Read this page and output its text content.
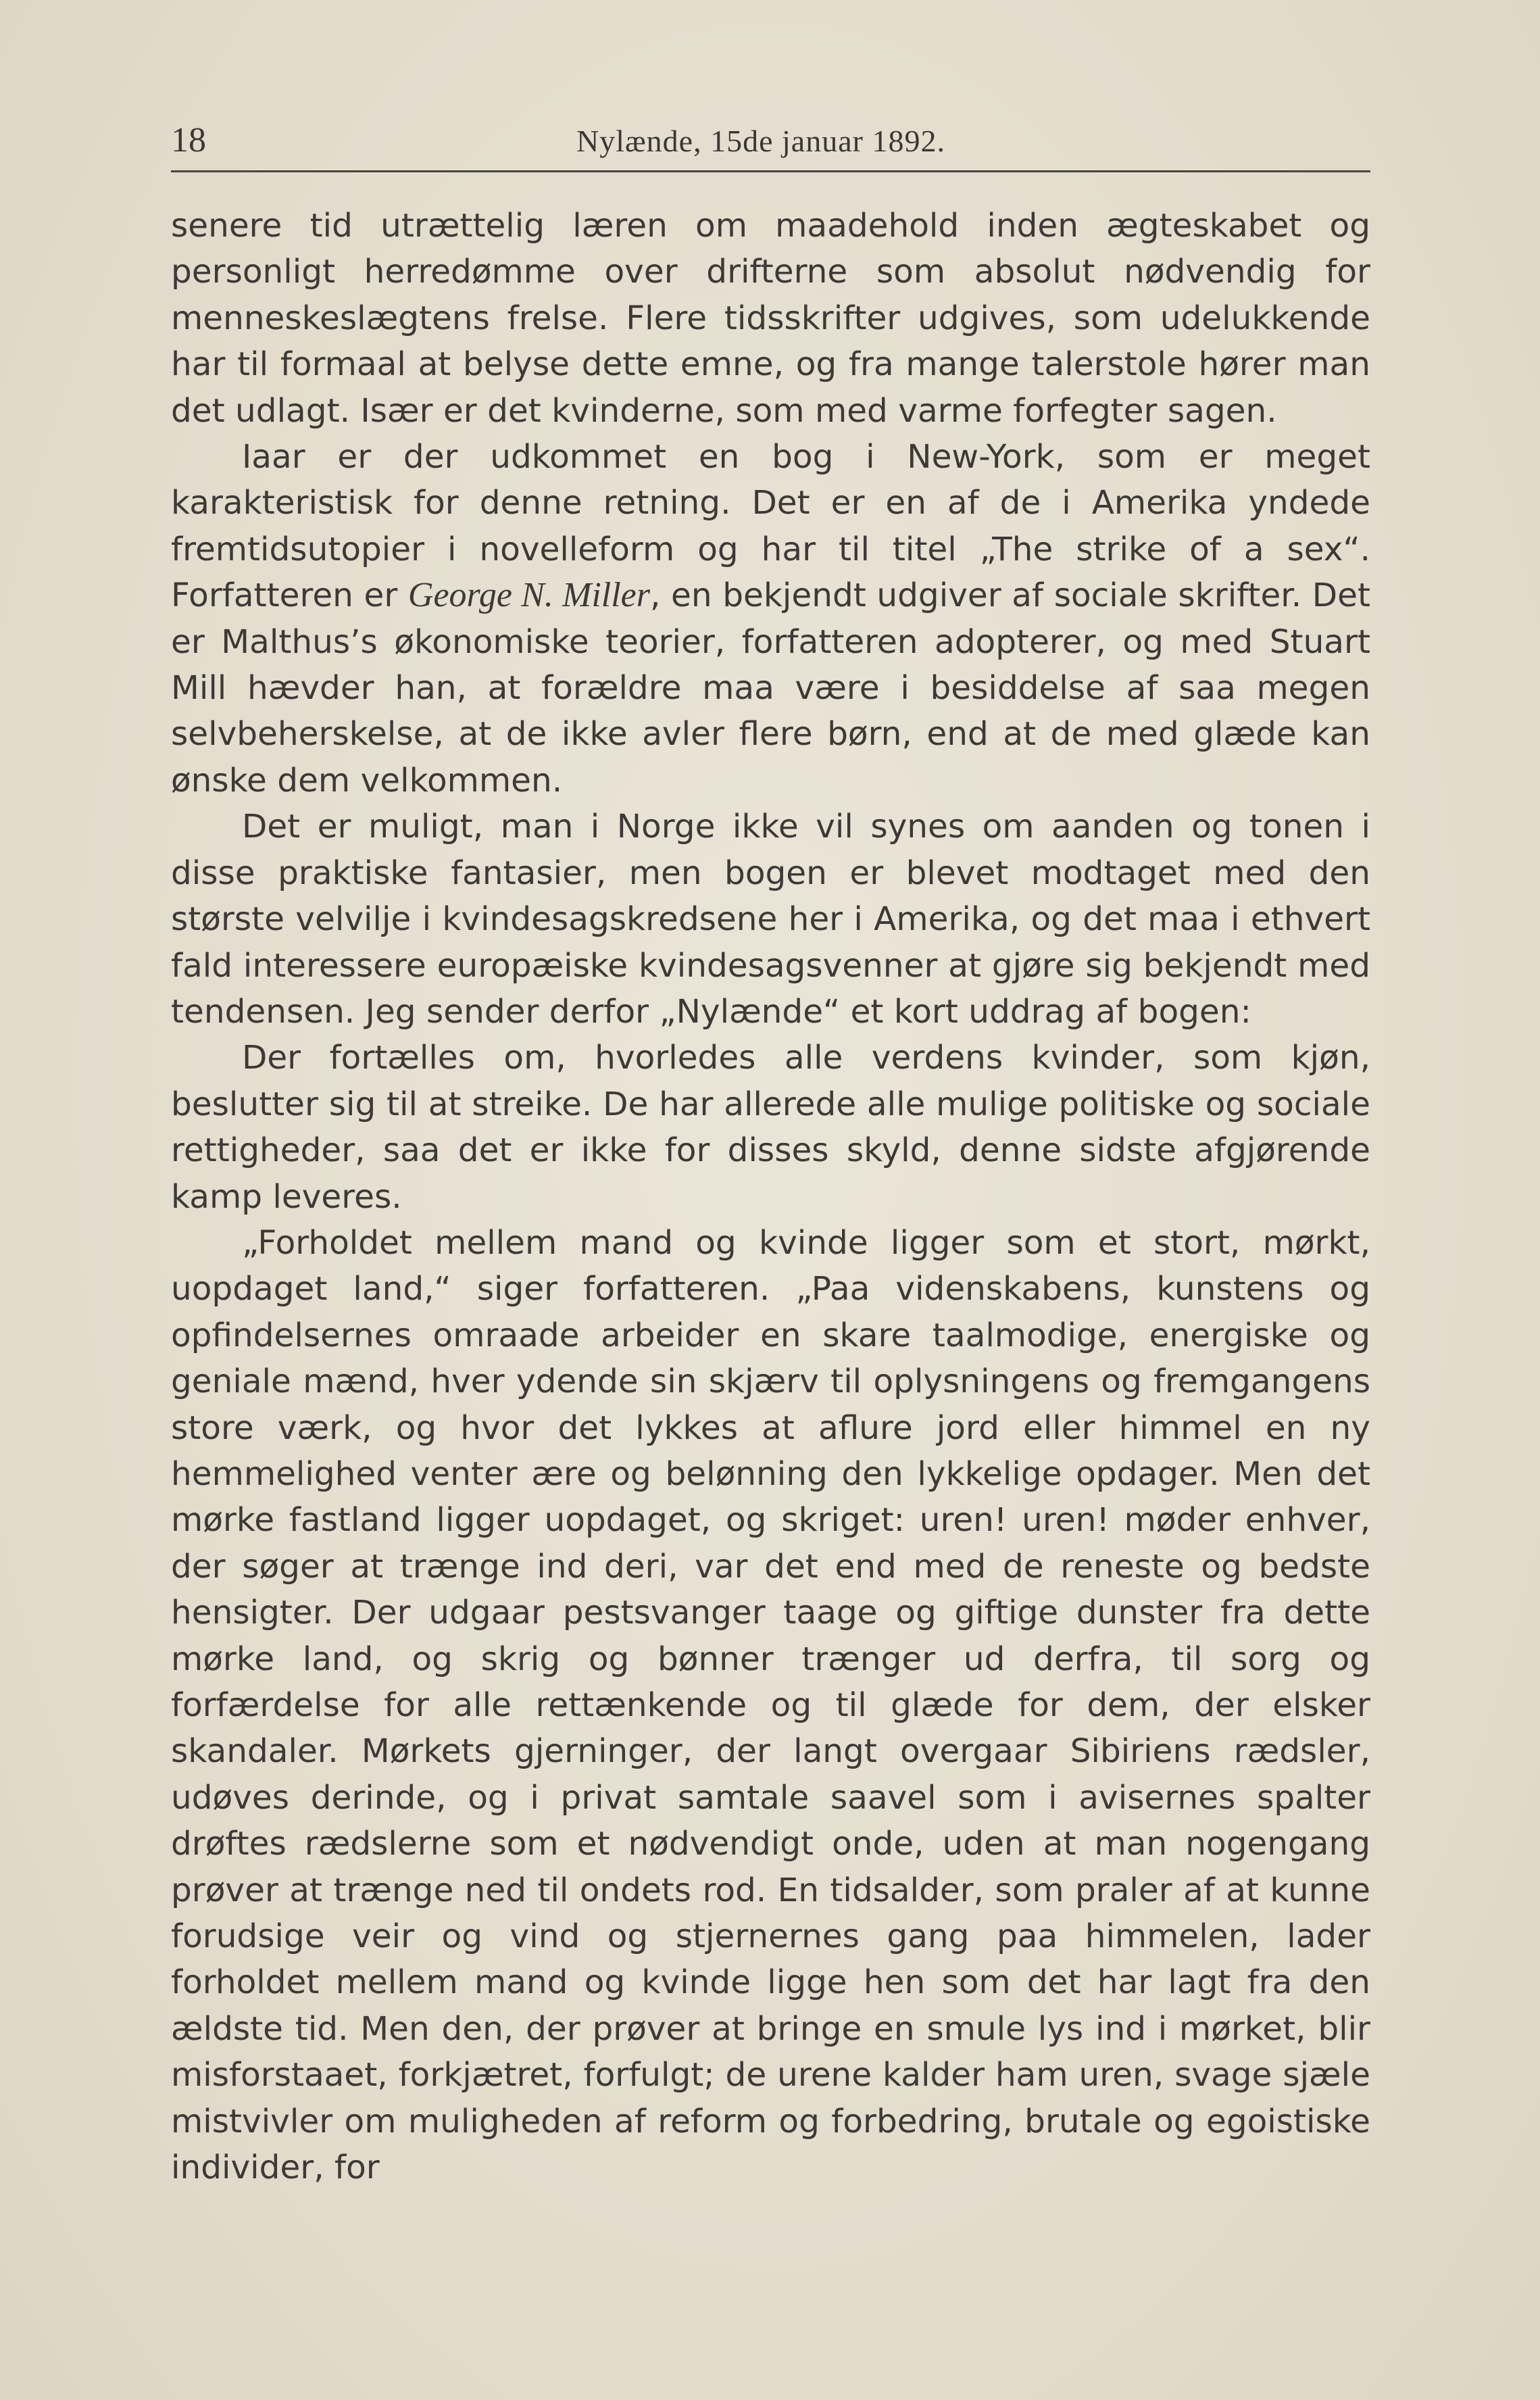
18	Nylænde, 15de januar 1892.

senere tid utrættelig læren om maadehold inden ægteskabet og personligt herredømme over drifterne som absolut nødvendig for menneskeslægtens frelse. Flere tidsskrifter udgives, som udelukkende har til formaal at belyse dette emne, og fra mange talerstole hører man det udlagt. Især er det kvinderne, som med varme forfegter sagen.

Iaar er der udkommet en bog i New-York, som er meget karakteristisk for denne retning. Det er en af de i Amerika yndede fremtidsutopier i novelleform og har til titel „The strike of a sex“. Forfatteren er George N. Miller, en bekjendt udgiver af sociale skrifter. Det er Malthus’s økonomiske teorier, forfatteren adopterer, og med Stuart Mill hævder han, at forældre maa være i besiddelse af saa megen selvbeherskelse, at de ikke avler flere børn, end at de med glæde kan ønske dem velkommen.

Det er muligt, man i Norge ikke vil synes om aanden og tonen i disse praktiske fantasier, men bogen er blevet modtaget med den største velvilje i kvindesagskredsene her i Amerika, og det maa i ethvert fald interessere europæiske kvindesagsvenner at gjøre sig bekjendt med tendensen. Jeg sender derfor „Nylænde“ et kort uddrag af bogen:

Der fortælles om, hvorledes alle verdens kvinder, som kjøn, beslutter sig til at streike. De har allerede alle mulige politiske og sociale rettigheder, saa det er ikke for disses skyld, denne sidste afgjørende kamp leveres.

„Forholdet mellem mand og kvinde ligger som et stort, mørkt, uopdaget land,“ siger forfatteren. „Paa videnskabens, kunstens og opfindelsernes omraade arbeider en skare taalmodige, energiske og geniale mænd, hver ydende sin skjærv til oplysningens og fremgangens store værk, og hvor det lykkes at aflure jord eller himmel en ny hemmelighed venter ære og belønning den lykkelige opdager. Men det mørke fastland ligger uopdaget, og skriget: uren! uren! møder enhver, der søger at trænge ind deri, var det end med de reneste og bedste hensigter. Der udgaar pestsvanger taage og giftige dunster fra dette mørke land, og skrig og bønner trænger ud derfra, til sorg og forfærdelse for alle rettænkende og til glæde for dem, der elsker skandaler. Mørkets gjerninger, der langt overgaar Sibiriens rædsler, udøves derinde, og i privat samtale saavel som i avisernes spalter drøftes rædslerne som et nødvendigt onde, uden at man nogengang prøver at trænge ned til ondets rod. En tidsalder, som praler af at kunne forudsige veir og vind og stjernernes gang paa himmelen, lader forholdet mellem mand og kvinde ligge hen som det har lagt fra den ældste tid. Men den, der prøver at bringe en smule lys ind i mørket, blir misforstaaet, forkjætret, forfulgt; de urene kalder ham uren, svage sjæle mistvivler om muligheden af reform og forbedring, brutale og egoistiske individer, for
